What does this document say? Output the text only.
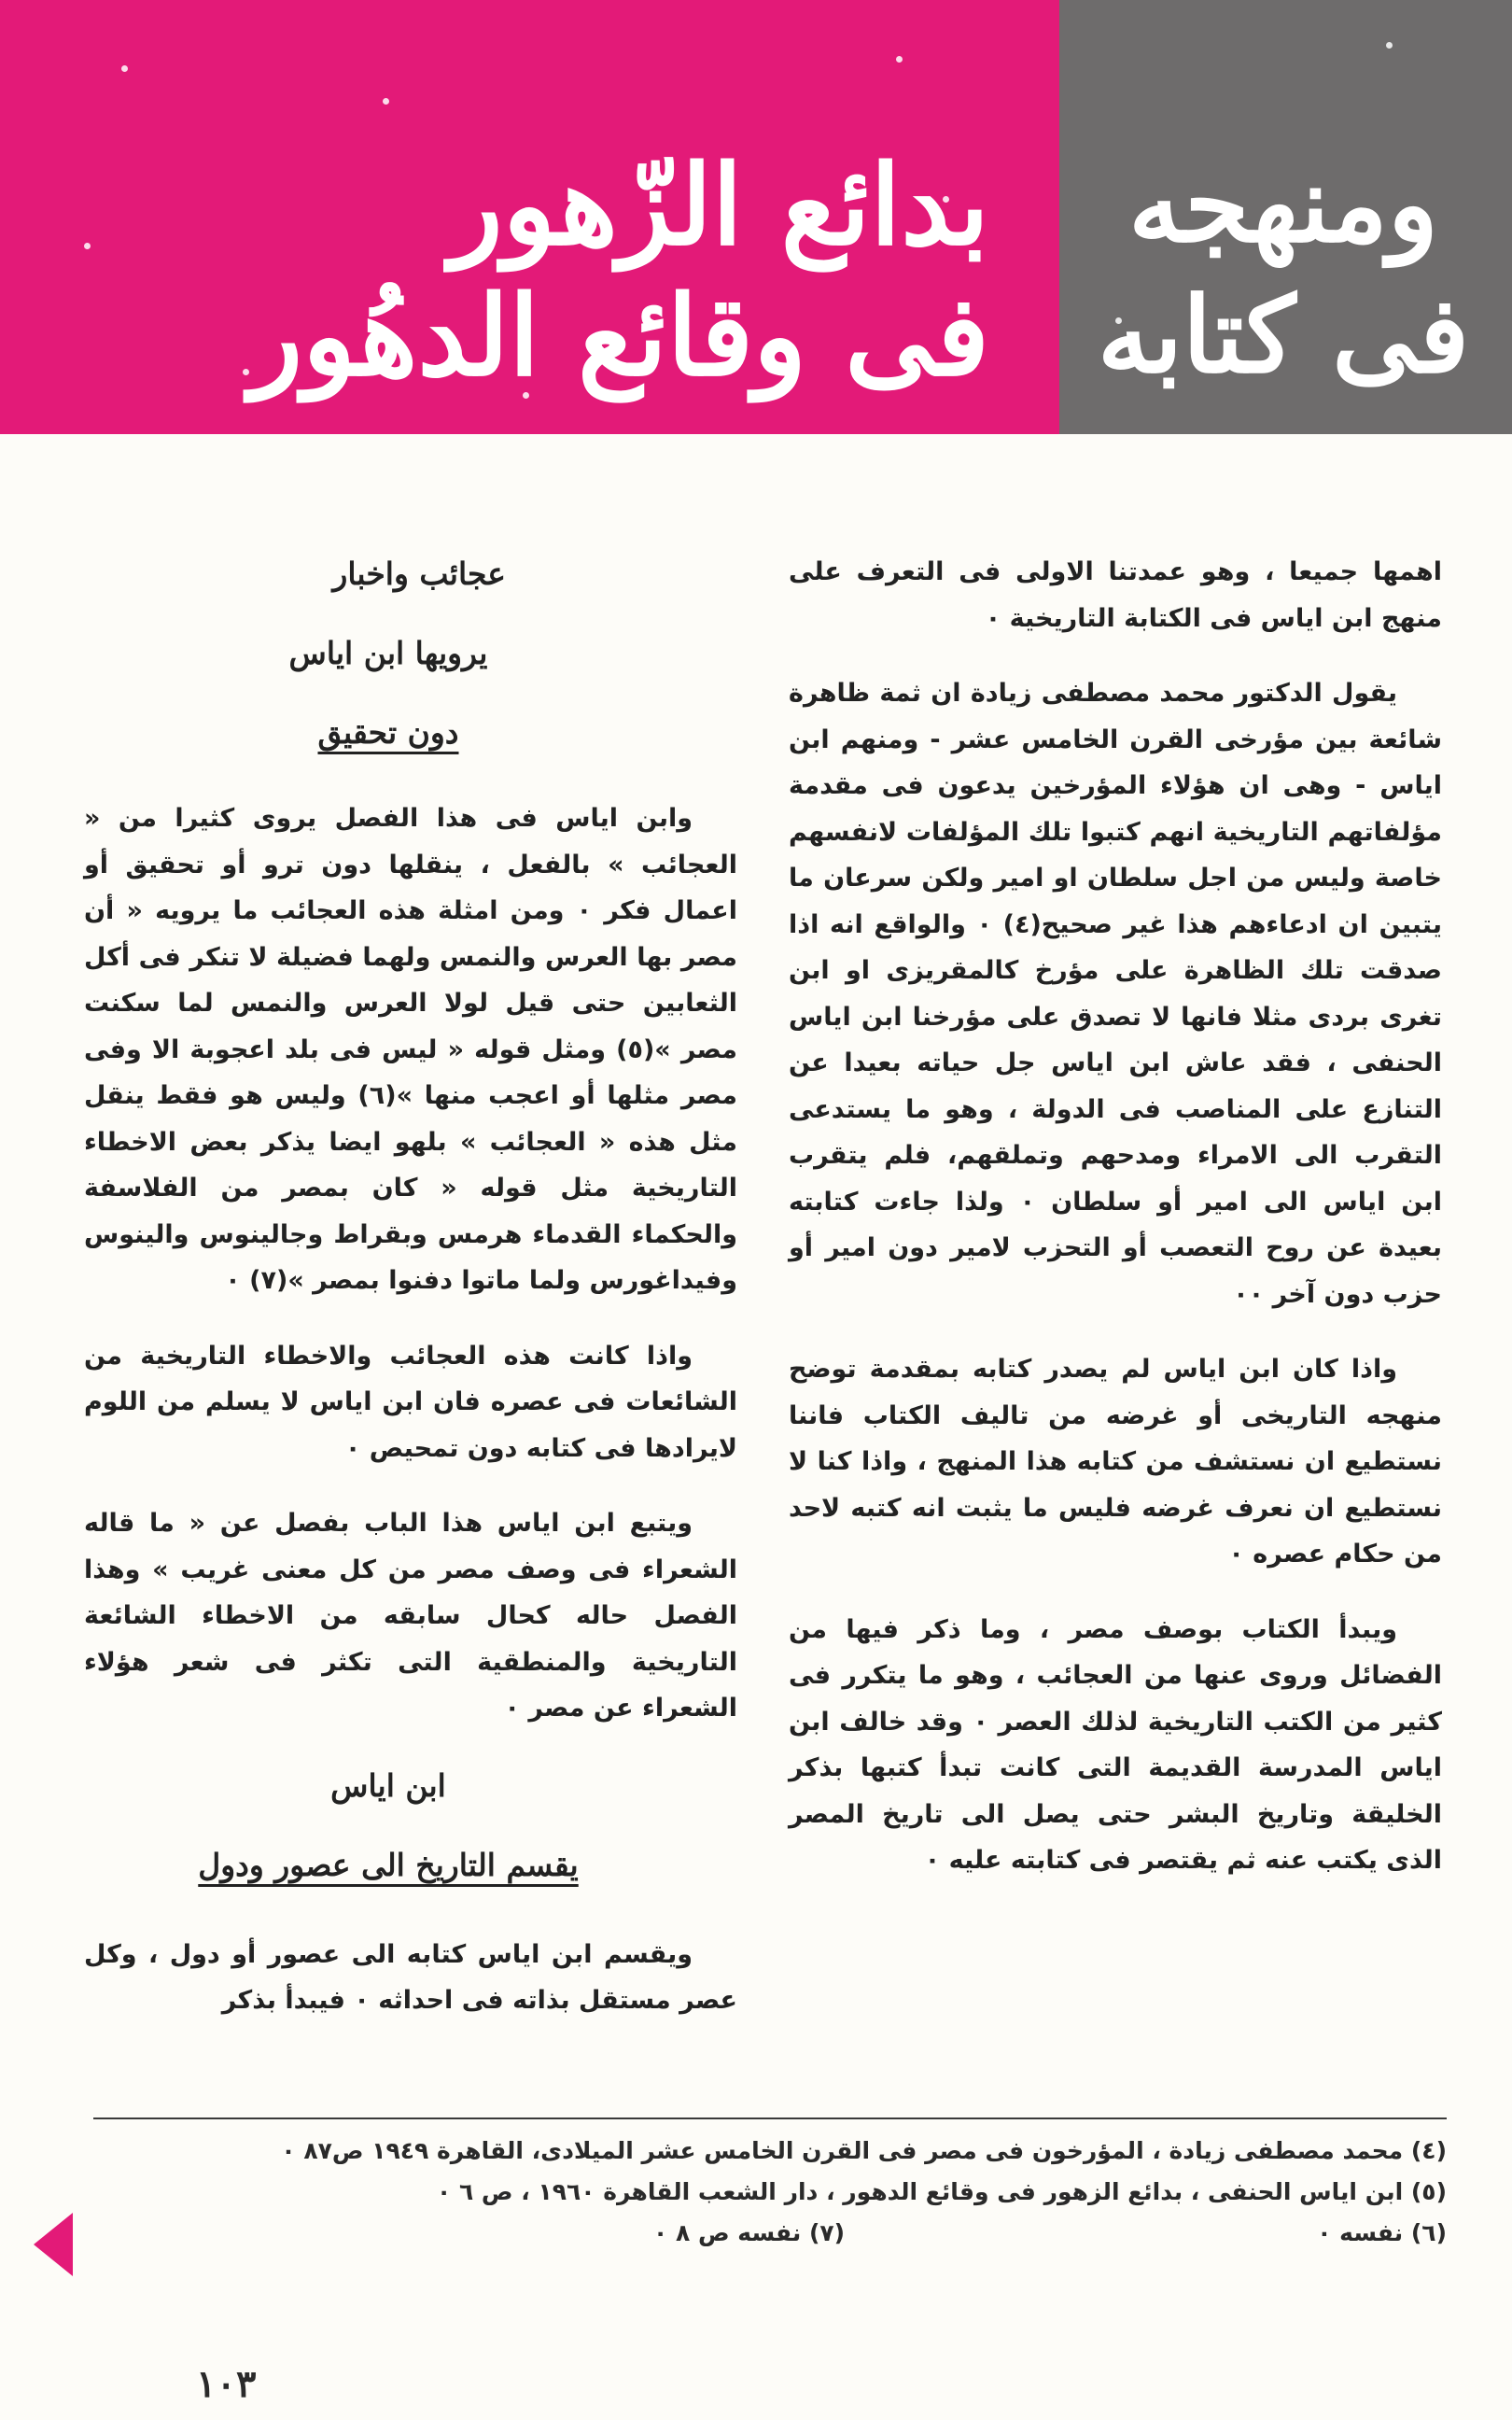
بدائع الزّهور
فى وقائع الدهُور
ومنهجه
فى كتابه

اهمها جميعا ، وهو عمدتنا الاولى فى التعرف على منهج ابن اياس فى الكتابة التاريخية ٠

يقول الدكتور محمد مصطفى زيادة ان ثمة ظاهرة شائعة بين مؤرخى القرن الخامس عشر - ومنهم ابن اياس - وهى ان هؤلاء المؤرخين يدعون فى مقدمة مؤلفاتهم التاريخية انهم كتبوا تلك المؤلفات لانفسهم خاصة وليس من اجل سلطان او امير ولكن سرعان ما يتبين ان ادعاءهم هذا غير صحيح(٤) ٠ والواقع انه اذا صدقت تلك الظاهرة على مؤرخ كالمقريزى او ابن تغرى بردى مثلا فانها لا تصدق على مؤرخنا ابن اياس الحنفى ، فقد عاش ابن اياس جل حياته بعيدا عن التنازع على المناصب فى الدولة ، وهو ما يستدعى التقرب الى الامراء ومدحهم وتملقهم، فلم يتقرب ابن اياس الى امير أو سلطان ٠ ولذا جاءت كتابته بعيدة عن روح التعصب أو التحزب لامير دون امير أو حزب دون آخر ٠٠

واذا كان ابن اياس لم يصدر كتابه بمقدمة توضح منهجه التاريخى أو غرضه من تاليف الكتاب فاننا نستطيع ان نستشف من كتابه هذا المنهج ، واذا كنا لا نستطيع ان نعرف غرضه فليس ما يثبت انه كتبه لاحد من حكام عصره ٠

ويبدأ الكتاب بوصف مصر ، وما ذكر فيها من الفضائل وروى عنها من العجائب ، وهو ما يتكرر فى كثير من الكتب التاريخية لذلك العصر ٠ وقد خالف ابن اياس المدرسة القديمة التى كانت تبدأ كتبها بذكر الخليقة وتاريخ البشر حتى يصل الى تاريخ المصر الذى يكتب عنه ثم يقتصر فى كتابته عليه ٠

عجائب واخبار

يرويها ابن اياس

دون تحقيق

وابن اياس فى هذا الفصل يروى كثيرا من « العجائب » بالفعل ، ينقلها دون ترو أو تحقيق أو اعمال فكر ٠ ومن امثلة هذه العجائب ما يرويه « أن مصر بها العرس والنمس ولهما فضيلة لا تنكر فى أكل الثعابين حتى قيل لولا العرس والنمس لما سكنت مصر »(٥) ومثل قوله « ليس فى بلد اعجوبة الا وفى مصر مثلها أو اعجب منها »(٦) وليس هو فقط ينقل مثل هذه « العجائب » بلهو ايضا يذكر بعض الاخطاء التاريخية مثل قوله « كان بمصر من الفلاسفة والحكماء القدماء هرمس وبقراط وجالينوس والينوس وفيداغورس ولما ماتوا دفنوا بمصر »(٧) ٠

واذا كانت هذه العجائب والاخطاء التاريخية من الشائعات فى عصره فان ابن اياس لا يسلم من اللوم لايرادها فى كتابه دون تمحيص ٠

ويتبع ابن اياس هذا الباب بفصل عن « ما قاله الشعراء فى وصف مصر من كل معنى غريب » وهذا الفصل حاله كحال سابقه من الاخطاء الشائعة التاريخية والمنطقية التى تكثر فى شعر هؤلاء الشعراء عن مصر ٠

ابن اياس

يقسم التاريخ الى عصور ودول

ويقسم ابن اياس كتابه الى عصور أو دول ، وكل عصر مستقل بذاته فى احداثه ٠ فيبدأ بذكر

(٤) محمد مصطفى زيادة ، المؤرخون فى مصر فى القرن الخامس عشر الميلادى، القاهرة ١٩٤٩ ص٨٧ ٠

(٥) ابن اياس الحنفى ، بدائع الزهور فى وقائع الدهور ، دار الشعب القاهرة ١٩٦٠ ، ص ٦ ٠

(٦) نفسه ٠

(٧) نفسه ص ٨ ٠

١٠٣
